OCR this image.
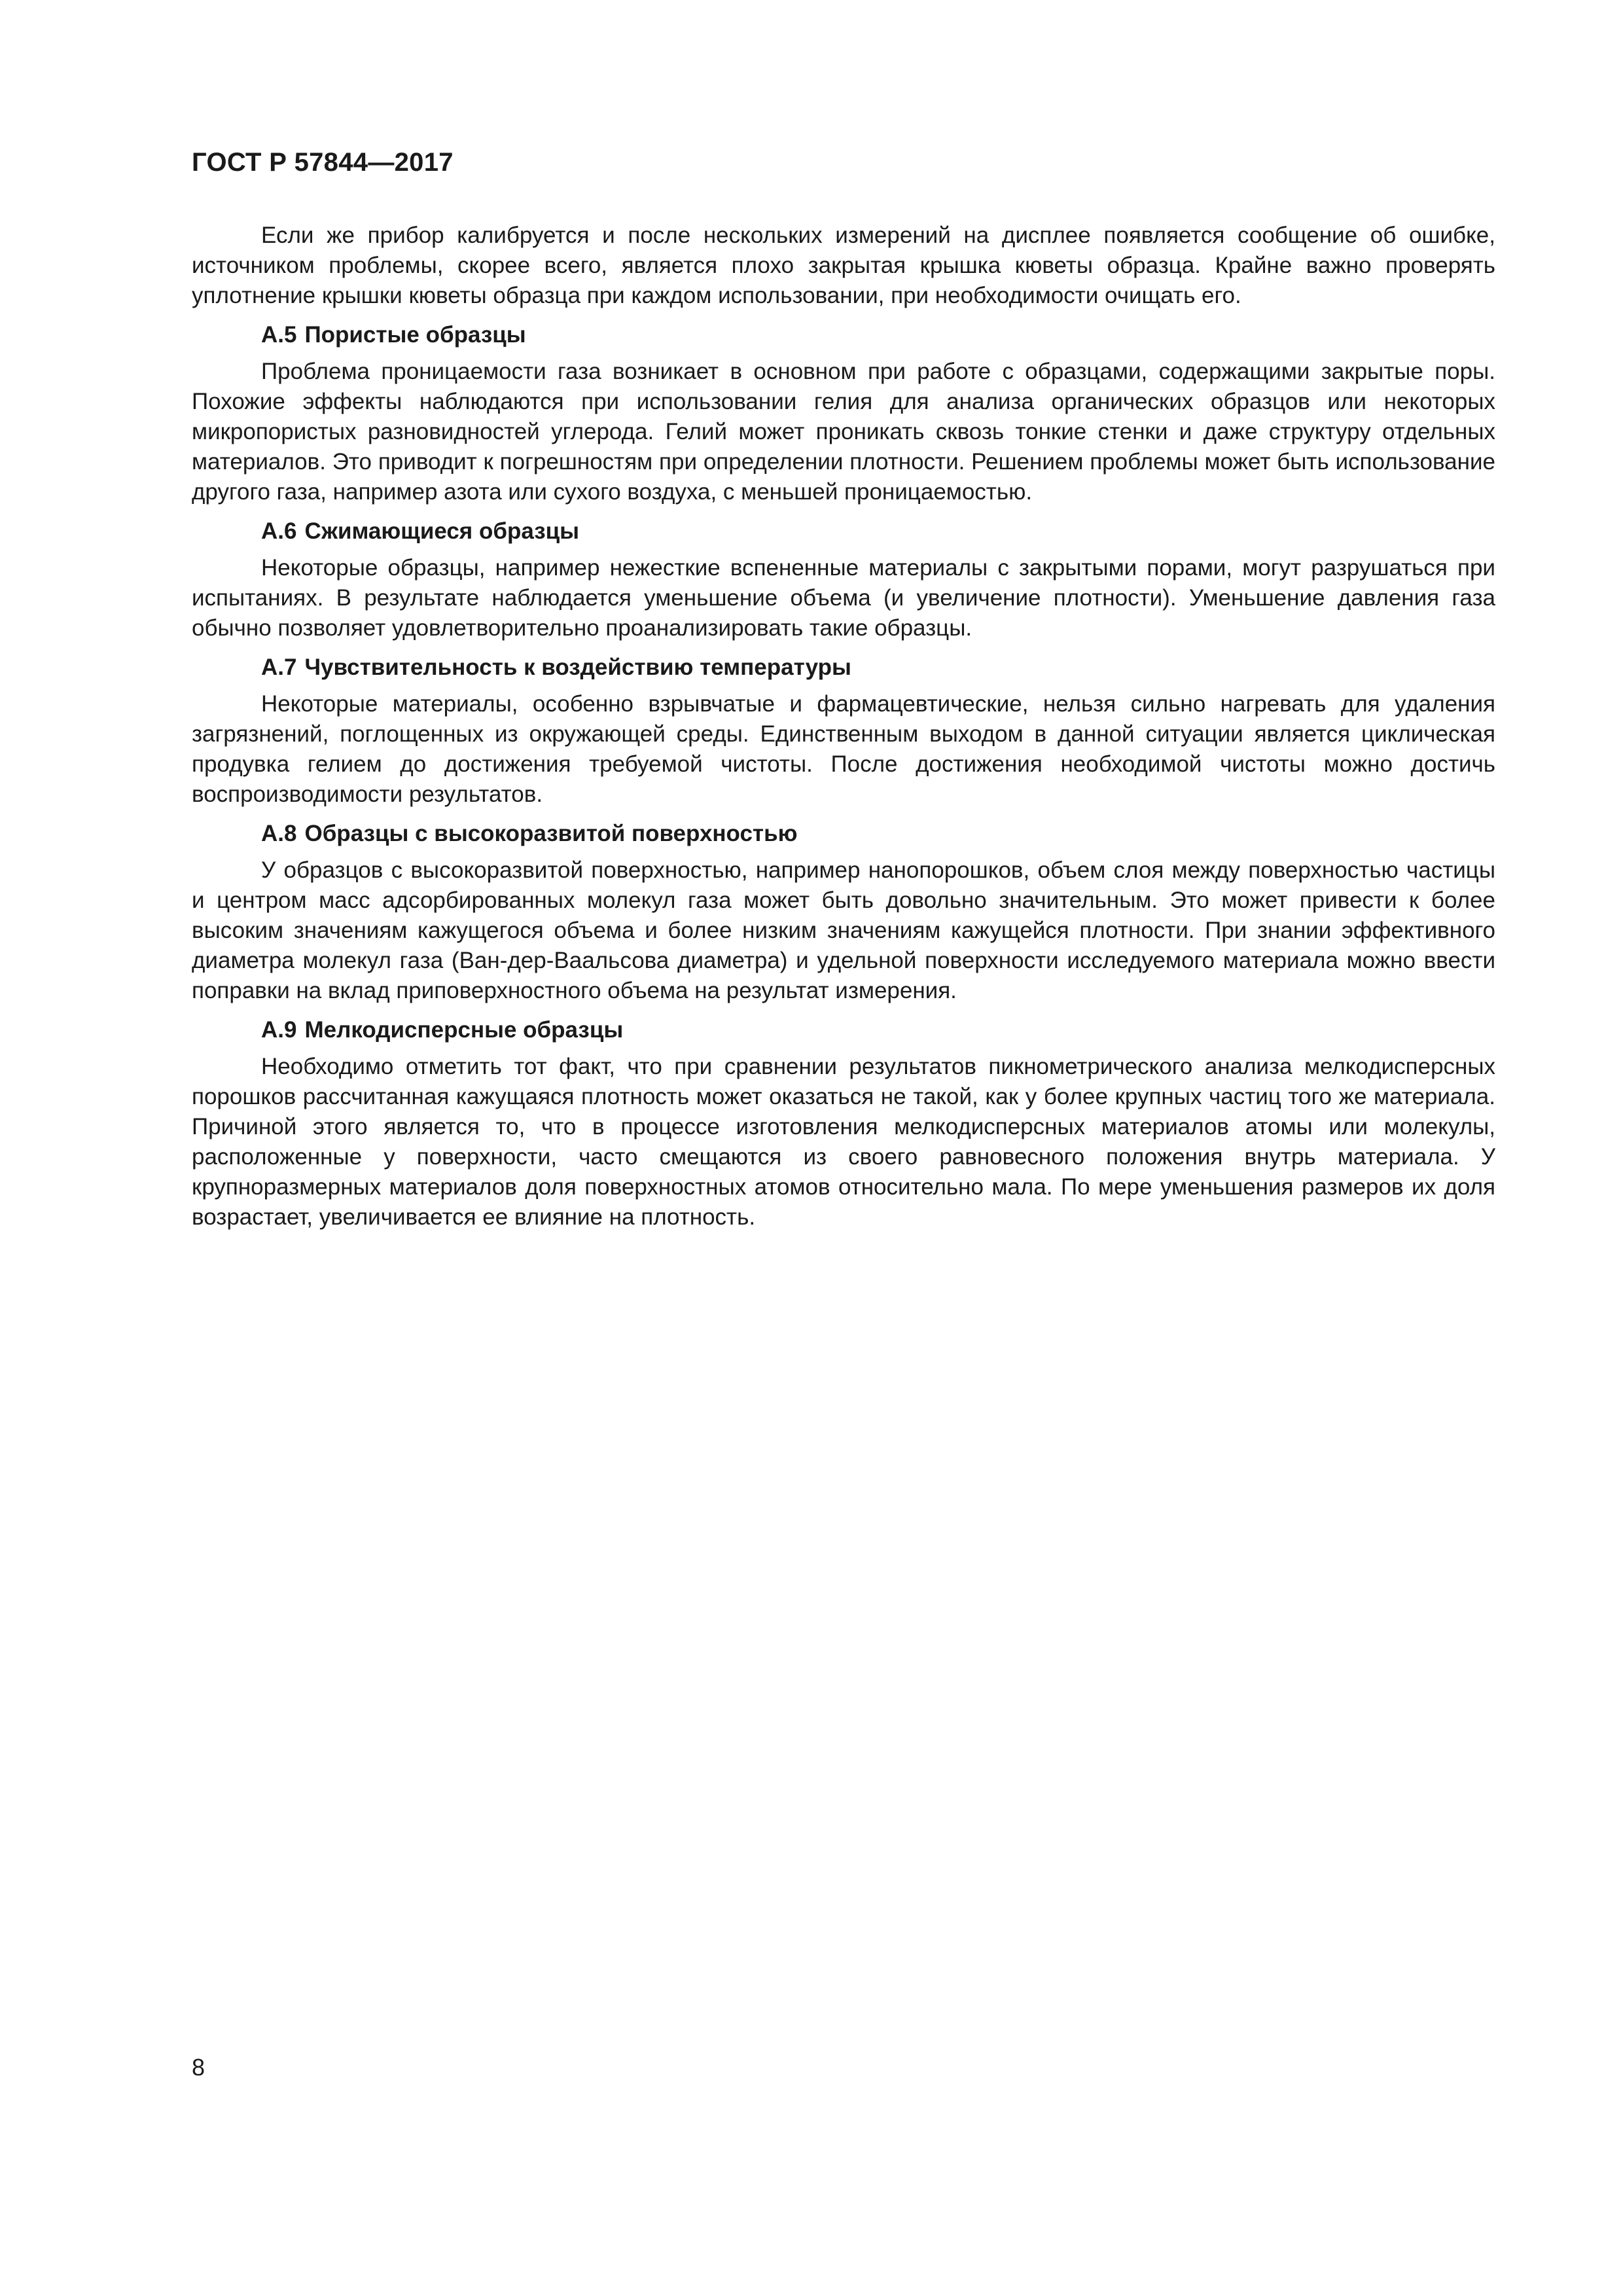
ГОСТ Р 57844—2017

Если же прибор калибруется и после нескольких измерений на дисплее появляется сообщение об ошибке, источником проблемы, скорее всего, является плохо закрытая крышка кюветы образца. Крайне важно проверять уплотнение крышки кюветы образца при каждом использовании, при необходимости очищать его.

А.5 Пористые образцы

Проблема проницаемости газа возникает в основном при работе с образцами, содержащими закрытые поры. Похожие эффекты наблюдаются при использовании гелия для анализа органических образцов или некоторых микропористых разновидностей углерода. Гелий может проникать сквозь тонкие стенки и даже структуру отдельных материалов. Это приводит к погрешностям при определении плотности. Решением проблемы может быть использование другого газа, например азота или сухого воздуха, с меньшей проницаемостью.

А.6 Сжимающиеся образцы

Некоторые образцы, например нежесткие вспененные материалы с закрытыми порами, могут разрушаться при испытаниях. В результате наблюдается уменьшение объема (и увеличение плотности). Уменьшение давления газа обычно позволяет удовлетворительно проанализировать такие образцы.

А.7 Чувствительность к воздействию температуры

Некоторые материалы, особенно взрывчатые и фармацевтические, нельзя сильно нагревать для удаления загрязнений, поглощенных из окружающей среды. Единственным выходом в данной ситуации является циклическая продувка гелием до достижения требуемой чистоты. После достижения необходимой чистоты можно достичь воспроизводимости результатов.

А.8 Образцы с высокоразвитой поверхностью

У образцов с высокоразвитой поверхностью, например нанопорошков, объем слоя между поверхностью частицы и центром масс адсорбированных молекул газа может быть довольно значительным. Это может привести к более высоким значениям кажущегося объема и более низким значениям кажущейся плотности. При знании эффективного диаметра молекул газа (Ван-дер-Ваальсова диаметра) и удельной поверхности исследуемого материала можно ввести поправки на вклад приповерхностного объема на результат измерения.

А.9 Мелкодисперсные образцы

Необходимо отметить тот факт, что при сравнении результатов пикнометрического анализа мелкодисперсных порошков рассчитанная кажущаяся плотность может оказаться не такой, как у более крупных частиц того же материала. Причиной этого является то, что в процессе изготовления мелкодисперсных материалов атомы или молекулы, расположенные у поверхности, часто смещаются из своего равновесного положения внутрь материала. У крупноразмерных материалов доля поверхностных атомов относительно мала. По мере уменьшения размеров их доля возрастает, увеличивается ее влияние на плотность.

8
